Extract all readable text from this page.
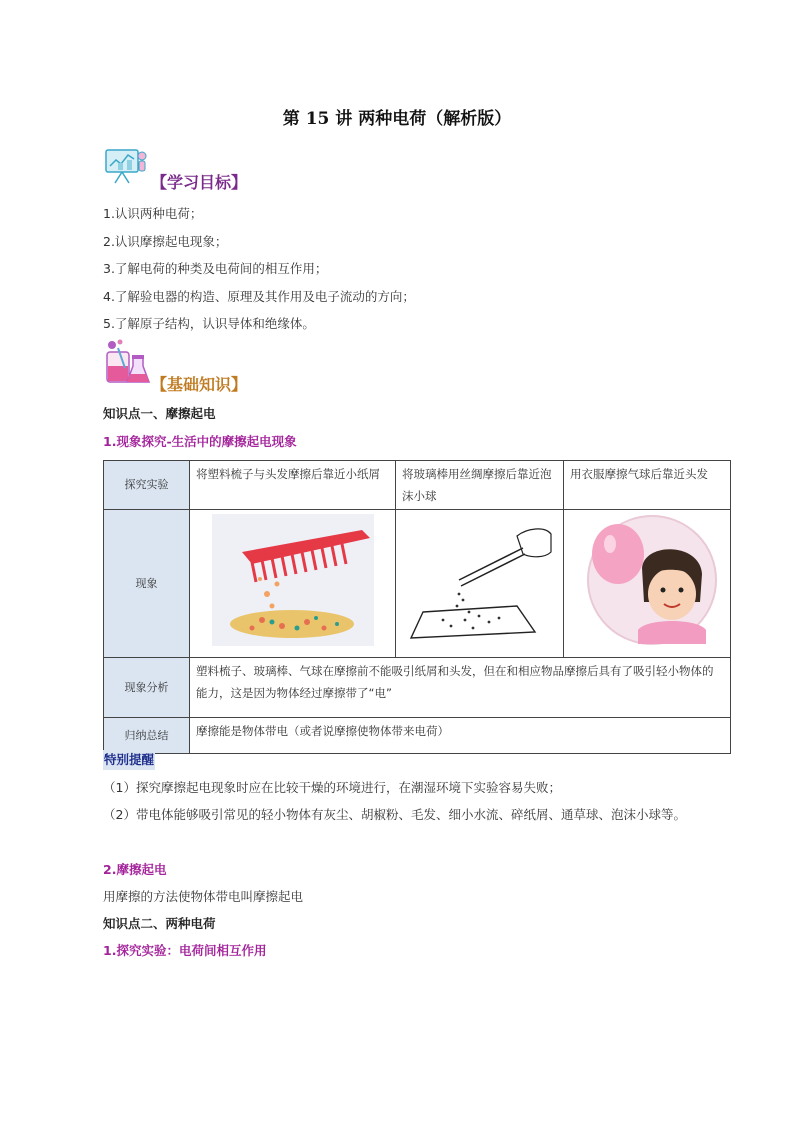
第 15 讲 两种电荷（解析版）
【学习目标】
1.认识两种电荷；
2.认识摩擦起电现象；
3.了解电荷的种类及电荷间的相互作用；
4.了解验电器的构造、原理及其作用及电子流动的方向；
5.了解原子结构，认识导体和绝缘体。
【基础知识】
知识点一、摩擦起电
1.现象探究-生活中的摩擦起电现象
探究实验	将塑料梳子与头发摩擦后靠近小纸屑	将玻璃棒用丝绸摩擦后靠近泡沫小球	用衣服摩擦气球后靠近头发
现象			
现象分析	塑料梳子、玻璃棒、气球在摩擦前不能吸引纸屑和头发，但在和相应物品摩擦后具有了吸引轻小物体的能力，这是因为物体经过摩擦带了“电”		
归纳总结	摩擦能是物体带电（或者说摩擦使物体带来电荷）		
特别提醒
（1）探究摩擦起电现象时应在比较干燥的环境进行，在潮湿环境下实验容易失败；
（2）带电体能够吸引常见的轻小物体有灰尘、胡椒粉、毛发、细小水流、碎纸屑、通草球、泡沫小球等。
2.摩擦起电
用摩擦的方法使物体带电叫摩擦起电
知识点二、两种电荷
1.探究实验：电荷间相互作用
